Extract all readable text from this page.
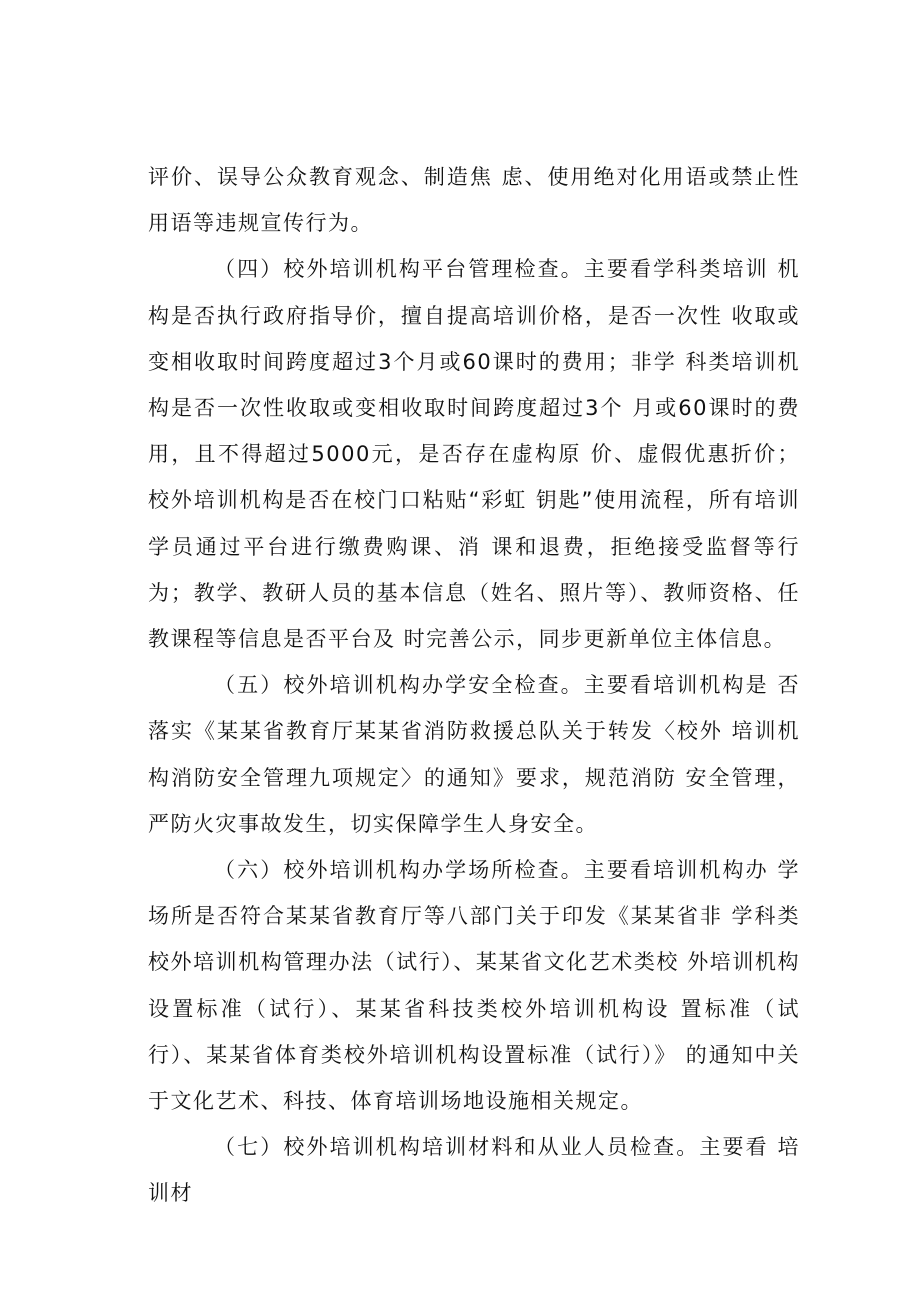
评价、误导公众教育观念、制造焦 虑、使用绝对化用语或禁止性用语等违规宣传行为。

（四）校外培训机构平台管理检查。主要看学科类培训 机构是否执行政府指导价，擅自提高培训价格，是否一次性 收取或变相收取时间跨度超过3个月或60课时的费用；非学 科类培训机构是否一次性收取或变相收取时间跨度超过3个 月或60课时的费用，且不得超过5000元，是否存在虚构原 价、虚假优惠折价；校外培训机构是否在校门口粘贴“彩虹 钥匙”使用流程，所有培训学员通过平台进行缴费购课、消 课和退费，拒绝接受监督等行为；教学、教研人员的基本信息（姓名、照片等）、教师资格、任教课程等信息是否平台及 时完善公示，同步更新单位主体信息。

（五）校外培训机构办学安全检查。主要看培训机构是 否落实《某某省教育厅某某省消防救援总队关于转发〈校外 培训机构消防安全管理九项规定〉的通知》要求，规范消防 安全管理，严防火灾事故发生，切实保障学生人身安全。

（六）校外培训机构办学场所检查。主要看培训机构办 学场所是否符合某某省教育厅等八部门关于印发《某某省非 学科类校外培训机构管理办法（试行）、某某省文化艺术类校 外培训机构设置标准（试行）、某某省科技类校外培训机构设 置标准（试行）、某某省体育类校外培训机构设置标准（试行）》 的通知中关于文化艺术、科技、体育培训场地设施相关规定。

（七）校外培训机构培训材料和从业人员检查。主要看 培训材
